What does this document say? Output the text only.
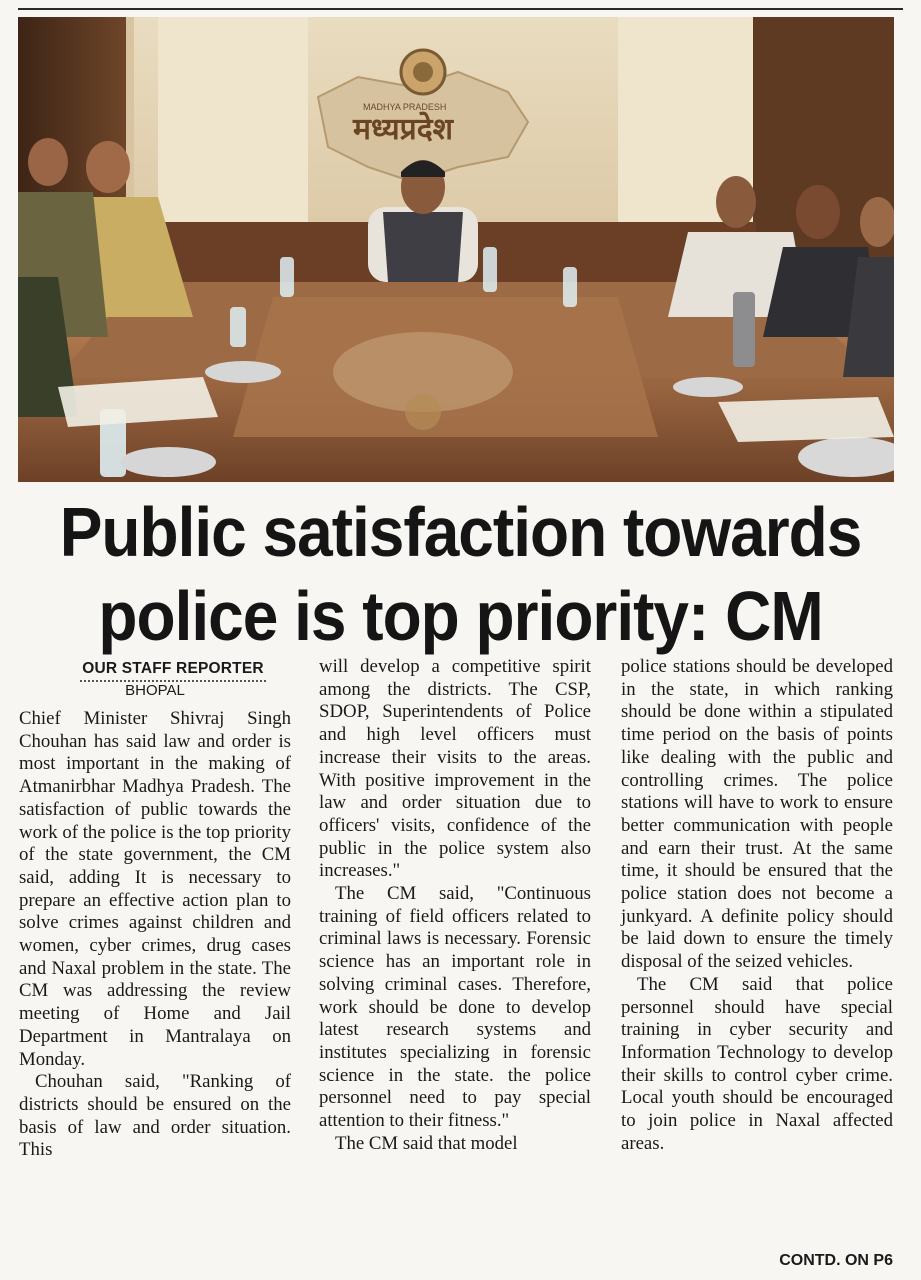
MADHYA PRADESH
मध्यप्रदेश
Public satisfaction towards
police is top priority: CM
OUR STAFF REPORTER
BHOPAL

Chief Minister Shivraj Singh Chouhan has said law and order is most important in the making of Atmanirbhar Madhya Pradesh. The satisfaction of public towards the work of the police is the top priority of the state government, the CM said, adding It is necessary to prepare an effective action plan to solve crimes against children and women, cyber crimes, drug cases and Naxal problem in the state. The CM was addressing the review meeting of Home and Jail Department in Mantralaya on Monday.

Chouhan said, "Ranking of districts should be ensured on the basis of law and order situation. This

will develop a competitive spirit among the districts. The CSP, SDOP, Superintendents of Police and high level officers must increase their visits to the areas. With positive improvement in the law and order situation due to officers' visits, confidence of the public in the police system also increases."

The CM said, "Continuous training of field officers related to criminal laws is necessary. Forensic science has an important role in solving criminal cases. Therefore, work should be done to develop latest research systems and institutes specializing in forensic science in the state. the police personnel need to pay special attention to their fitness."

The CM said that model

police stations should be developed in the state, in which ranking should be done within a stipulated time period on the basis of points like dealing with the public and controlling crimes. The police stations will have to work to ensure better communication with people and earn their trust. At the same time, it should be ensured that the police station does not become a junkyard. A definite policy should be laid down to ensure the timely disposal of the seized vehicles.

The CM said that police personnel should have special training in cyber security and Information Technology to develop their skills to control cyber crime. Local youth should be encouraged to join police in Naxal affected areas.

CONTD. ON P6
